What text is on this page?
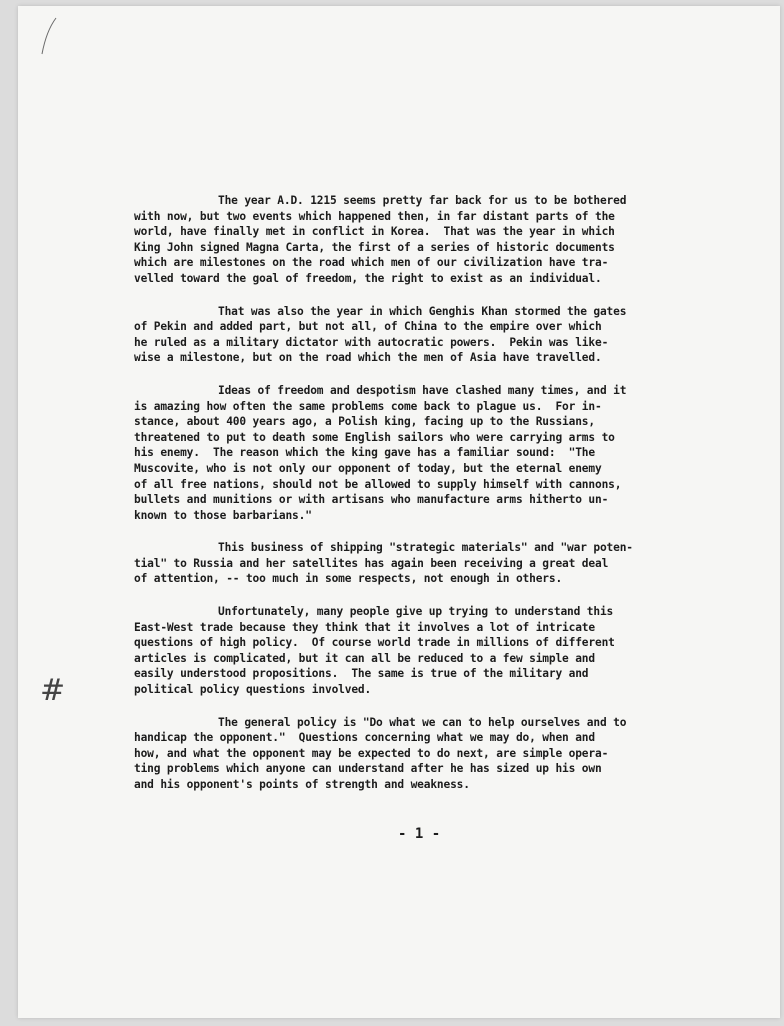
The year A.D. 1215 seems pretty far back for us to be bothered
with now, but two events which happened then, in far distant parts of the
world, have finally met in conflict in Korea.  That was the year in which
King John signed Magna Carta, the first of a series of historic documents
which are milestones on the road which men of our civilization have tra-
velled toward the goal of freedom, the right to exist as an individual.
That was also the year in which Genghis Khan stormed the gates
of Pekin and added part, but not all, of China to the empire over which
he ruled as a military dictator with autocratic powers.  Pekin was like-
wise a milestone, but on the road which the men of Asia have travelled.
Ideas of freedom and despotism have clashed many times, and it
is amazing how often the same problems come back to plague us.  For in-
stance, about 400 years ago, a Polish king, facing up to the Russians,
threatened to put to death some English sailors who were carrying arms to
his enemy.  The reason which the king gave has a familiar sound:  "The
Muscovite, who is not only our opponent of today, but the eternal enemy
of all free nations, should not be allowed to supply himself with cannons,
bullets and munitions or with artisans who manufacture arms hitherto un-
known to those barbarians."
This business of shipping "strategic materials" and "war poten-
tial" to Russia and her satellites has again been receiving a great deal
of attention, -- too much in some respects, not enough in others.
Unfortunately, many people give up trying to understand this
East-West trade because they think that it involves a lot of intricate
questions of high policy.  Of course world trade in millions of different
articles is complicated, but it can all be reduced to a few simple and
easily understood propositions.  The same is true of the military and
political policy questions involved.
The general policy is "Do what we can to help ourselves and to
handicap the opponent."  Questions concerning what we may do, when and
how, and what the opponent may be expected to do next, are simple opera-
ting problems which anyone can understand after he has sized up his own
and his opponent's points of strength and weakness.
#
- 1 -
